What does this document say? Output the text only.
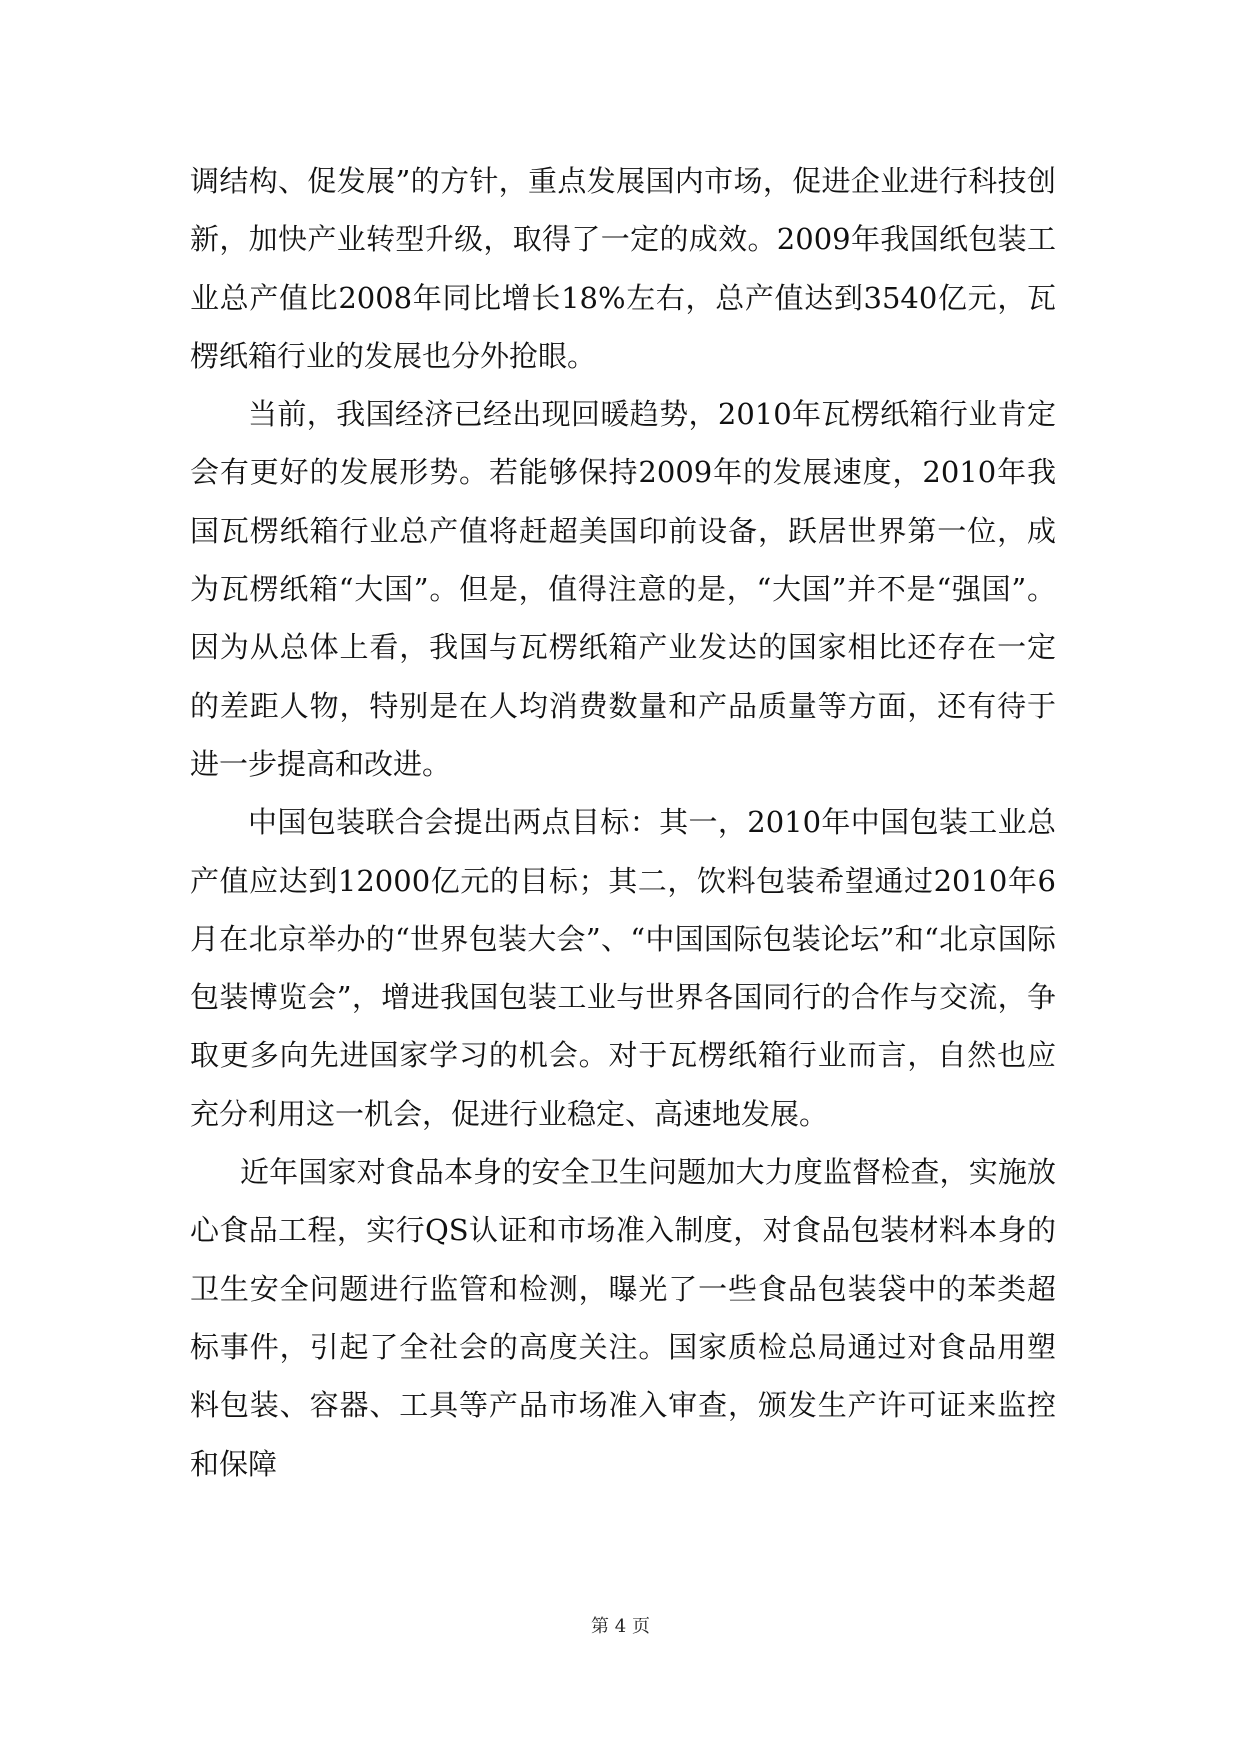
调结构、促发展”的方针，重点发展国内市场，促进企业进行科技创新，加快产业转型升级，取得了一定的成效。2009年我国纸包装工业总产值比2008年同比增长18%左右，总产值达到3540亿元，瓦楞纸箱行业的发展也分外抢眼。

当前，我国经济已经出现回暖趋势，2010年瓦楞纸箱行业肯定会有更好的发展形势。若能够保持2009年的发展速度，2010年我国瓦楞纸箱行业总产值将赶超美国印前设备，跃居世界第一位，成为瓦楞纸箱“大国”。但是，值得注意的是，“大国”并不是“强国”。因为从总体上看，我国与瓦楞纸箱产业发达的国家相比还存在一定的差距人物，特别是在人均消费数量和产品质量等方面，还有待于进一步提高和改进。

中国包装联合会提出两点目标：其一，2010年中国包装工业总产值应达到12000亿元的目标；其二，饮料包装希望通过2010年6月在北京举办的“世界包装大会”、“中国国际包装论坛”和“北京国际包装博览会”，增进我国包装工业与世界各国同行的合作与交流，争取更多向先进国家学习的机会。对于瓦楞纸箱行业而言，自然也应充分利用这一机会，促进行业稳定、高速地发展。

近年国家对食品本身的安全卫生问题加大力度监督检查，实施放心食品工程，实行QS认证和市场准入制度，对食品包装材料本身的卫生安全问题进行监管和检测，曝光了一些食品包装袋中的苯类超标事件，引起了全社会的高度关注。国家质检总局通过对食品用塑料包装、容器、工具等产品市场准入审查，颁发生产许可证来监控和保障

第 4 页
